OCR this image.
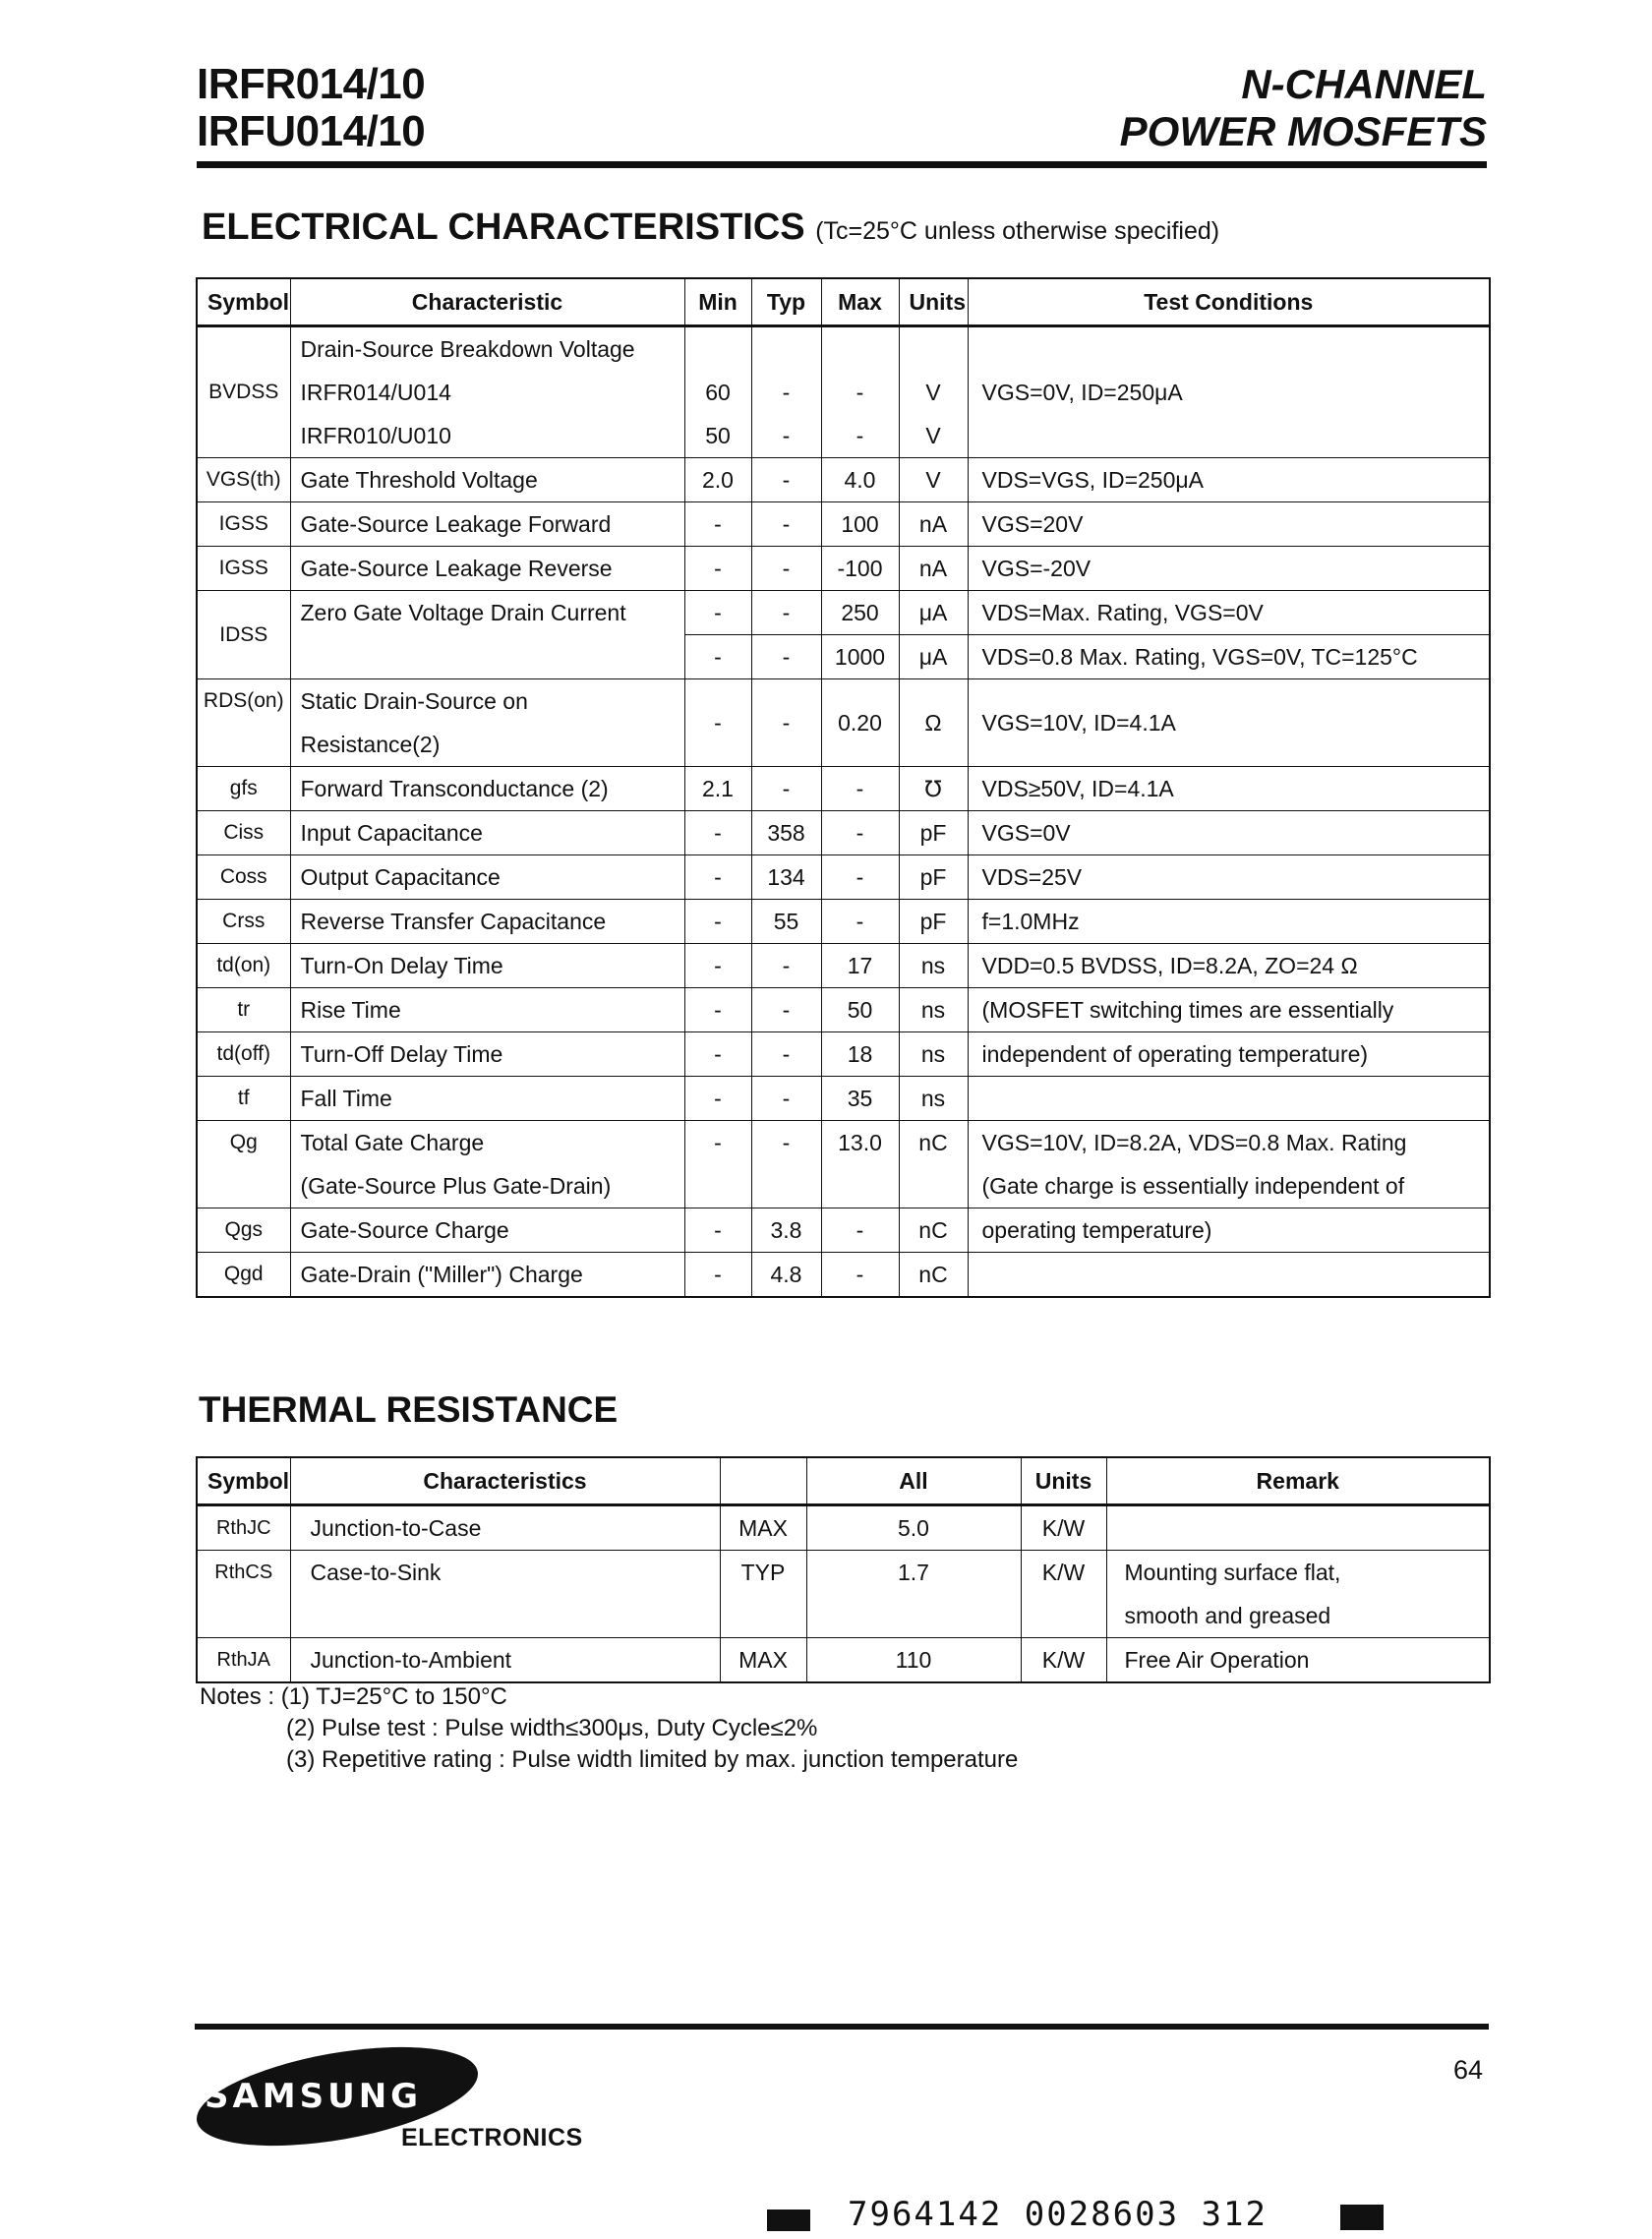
IRFR014/10
IRFU014/10
N-CHANNEL
POWER MOSFETS
ELECTRICAL CHARACTERISTICS (Tc=25°C unless otherwise specified)
Symbol	Characteristic	Min	Typ	Max	Units	Test Conditions
BVDSS	Drain-Source Breakdown Voltage					VGS=0V, ID=250μA
	IRFR014/U014	60	-	-	V	
	IRFR010/U010	50	-	-	V	
VGS(th)	Gate Threshold Voltage	2.0	-	4.0	V	VDS=VGS, ID=250μA
IGSS	Gate-Source Leakage Forward	-	-	100	nA	VGS=20V
IGSS	Gate-Source Leakage Reverse	-	-	-100	nA	VGS=-20V
IDSS	Zero Gate Voltage Drain Current	-	-	250	μA	VDS=Max. Rating, VGS=0V
		-	-	1000	μA	VDS=0.8 Max. Rating, VGS=0V, TC=125°C
RDS(on)	Static Drain-Source on	-	-	0.20	Ω	VGS=10V, ID=4.1A
	Resistance(2)					
gfs	Forward Transconductance (2)	2.1	-	-	℧	VDS≥50V, ID=4.1A
Ciss	Input Capacitance	-	358	-	pF	VGS=0V
Coss	Output Capacitance	-	134	-	pF	VDS=25V
Crss	Reverse Transfer Capacitance	-	55	-	pF	f=1.0MHz
td(on)	Turn-On Delay Time	-	-	17	ns	VDD=0.5 BVDSS, ID=8.2A, ZO=24 Ω
tr	Rise Time	-	-	50	ns	(MOSFET switching times are essentially
td(off)	Turn-Off Delay Time	-	-	18	ns	independent of operating temperature)
tf	Fall Time	-	-	35	ns	
Qg	Total Gate Charge	-	-	13.0	nC	VGS=10V, ID=8.2A, VDS=0.8 Max. Rating
	(Gate-Source Plus Gate-Drain)					(Gate charge is essentially independent of
Qgs	Gate-Source Charge	-	3.8	-	nC	operating temperature)
Qgd	Gate-Drain ("Miller") Charge	-	4.8	-	nC	
THERMAL RESISTANCE
Symbol	Characteristics		All	Units	Remark
RthJC	Junction-to-Case	MAX	5.0	K/W	
RthCS	Case-to-Sink	TYP	1.7	K/W	Mounting surface flat,
					smooth and greased
RthJA	Junction-to-Ambient	MAX	110	K/W	Free Air Operation
Notes : (1) TJ=25°C to 150°C
(2) Pulse test : Pulse width≤300μs, Duty Cycle≤2%
(3) Repetitive rating : Pulse width limited by max. junction temperature
SAMSUNG
ELECTRONICS
64
7964142 0028603 312
